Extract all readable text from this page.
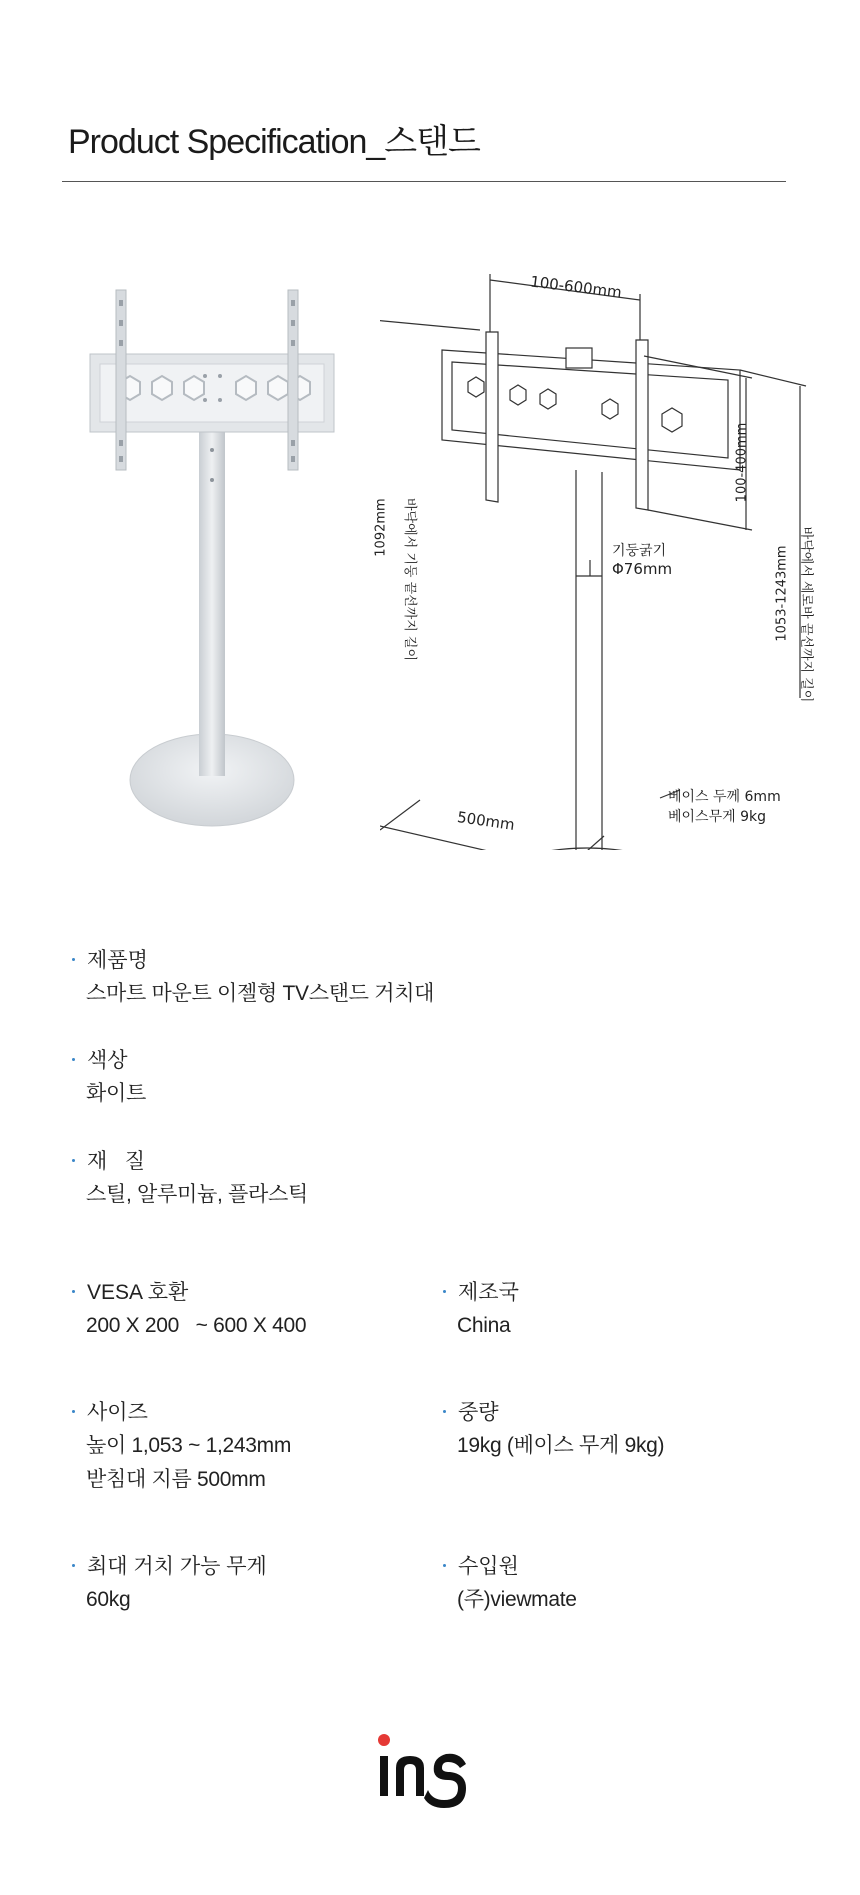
Product Specification_스탠드
100-600mm
1092mm 바닥에서 기둥 끝선까지 길이	기둥굵기
Φ76mm
100-400mm
1053-1243mm 바닥에서 세로바 끝선까지 길이
500mm
베이스 두께 6mm
베이스무게 9kg
제품명
스마트 마운트 이젤형 TV스탠드 거치대
색상
화이트
재   질
스틸, 알루미늄, 플라스틱
VESA 호환
200 X 200   ~ 600 X 400
제조국
China
사이즈
높이 1,053 ~ 1,243mm
받침대 지름 500mm
중량
19kg (베이스 무게 9kg)
최대 거치 가능 무게
60kg
수입원
(주)viewmate
